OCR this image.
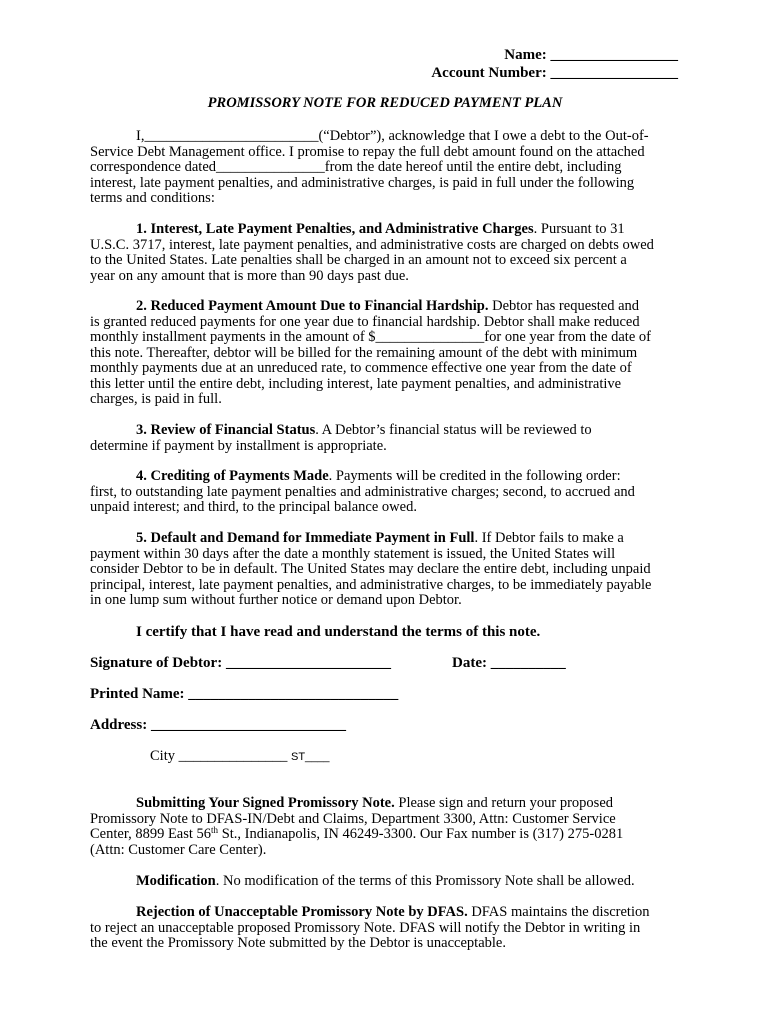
Name: _________________
Account Number: _________________
PROMISSORY NOTE FOR REDUCED PAYMENT PLAN
I,________________________(“Debtor”), acknowledge that I owe a debt to the Out-of-
Service Debt Management office. I promise to repay the full debt amount found on the attached
correspondence dated_______________from the date hereof until the entire debt, including
interest, late payment penalties, and administrative charges, is paid in full under the following
terms and conditions:
1. Interest, Late Payment Penalties, and Administrative Charges. Pursuant to 31
U.S.C. 3717, interest, late payment penalties, and administrative costs are charged on debts owed
to the United States. Late penalties shall be charged in an amount not to exceed six percent a
year on any amount that is more than 90 days past due.
2. Reduced Payment Amount Due to Financial Hardship. Debtor has requested and
is granted reduced payments for one year due to financial hardship. Debtor shall make reduced
monthly installment payments in the amount of $_______________for one year from the date of
this note. Thereafter, debtor will be billed for the remaining amount of the debt with minimum
monthly payments due at an unreduced rate, to commence effective one year from the date of
this letter until the entire debt, including interest, late payment penalties, and administrative
charges, is paid in full.
3. Review of Financial Status. A Debtor’s financial status will be reviewed to
determine if payment by installment is appropriate.
4. Crediting of Payments Made. Payments will be credited in the following order:
first, to outstanding late payment penalties and administrative charges; second, to accrued and
unpaid interest; and third, to the principal balance owed.
5. Default and Demand for Immediate Payment in Full. If Debtor fails to make a
payment within 30 days after the date a monthly statement is issued, the United States will
consider Debtor to be in default. The United States may declare the entire debt, including unpaid
principal, interest, late payment penalties, and administrative charges, to be immediately payable
in one lump sum without further notice or demand upon Debtor.
I certify that I have read and understand the terms of this note.
Signature of Debtor: ______________________	Date: __________
Printed Name: ____________________________
Address: __________________________
City _______________ ST____
Submitting Your Signed Promissory Note. Please sign and return your proposed
Promissory Note to DFAS-IN/Debt and Claims, Department 3300, Attn: Customer Service
Center, 8899 East 56th St., Indianapolis, IN 46249-3300. Our Fax number is (317) 275-0281
(Attn: Customer Care Center).
Modification. No modification of the terms of this Promissory Note shall be allowed.
Rejection of Unacceptable Promissory Note by DFAS. DFAS maintains the discretion
to reject an unacceptable proposed Promissory Note. DFAS will notify the Debtor in writing in
the event the Promissory Note submitted by the Debtor is unacceptable.
